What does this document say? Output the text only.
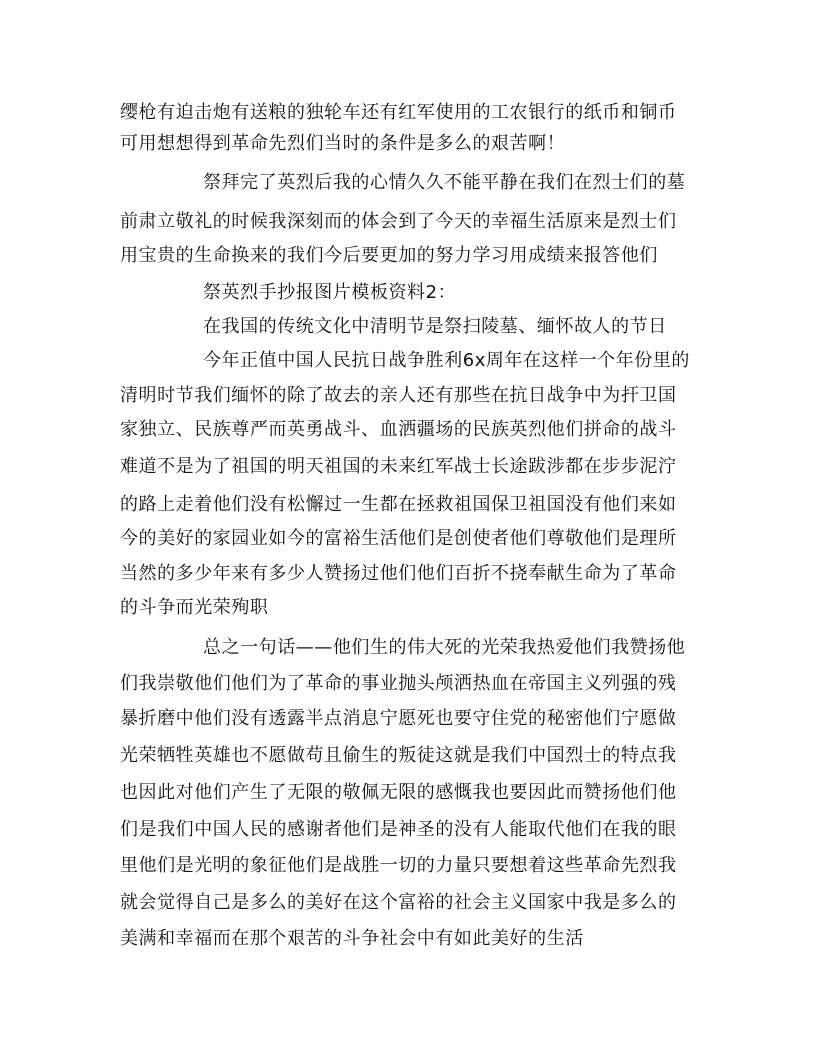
缨枪有迫击炮有送粮的独轮车还有红军使用的工农银行的纸币和铜币
可用想想得到革命先烈们当时的条件是多么的艰苦啊！
祭拜完了英烈后我的心情久久不能平静在我们在烈士们的墓
前肃立敬礼的时候我深刻而的体会到了今天的幸福生活原来是烈士们
用宝贵的生命换来的我们今后要更加的努力学习用成绩来报答他们
祭英烈手抄报图片模板资料2：
在我国的传统文化中清明节是祭扫陵墓、缅怀故人的节日
今年正值中国人民抗日战争胜利6x周年在这样一个年份里的
清明时节我们缅怀的除了故去的亲人还有那些在抗日战争中为扞卫国
家独立、民族尊严而英勇战斗、血洒疆场的民族英烈他们拼命的战斗
难道不是为了祖国的明天祖国的未来红军战士长途跋涉都在步步泥泞
的路上走着他们没有松懈过一生都在拯救祖国保卫祖国没有他们来如
今的美好的家园业如今的富裕生活他们是创使者他们尊敬他们是理所
当然的多少年来有多少人赞扬过他们他们百折不挠奉献生命为了革命
的斗争而光荣殉职
总之一句话——他们生的伟大死的光荣我热爱他们我赞扬他
们我崇敬他们他们为了革命的事业抛头颅洒热血在帝国主义列强的残
暴折磨中他们没有透露半点消息宁愿死也要守住党的秘密他们宁愿做
光荣牺牲英雄也不愿做苟且偷生的叛徒这就是我们中国烈士的特点我
也因此对他们产生了无限的敬佩无限的感慨我也要因此而赞扬他们他
们是我们中国人民的感谢者他们是神圣的没有人能取代他们在我的眼
里他们是光明的象征他们是战胜一切的力量只要想着这些革命先烈我
就会觉得自己是多么的美好在这个富裕的社会主义国家中我是多么的
美满和幸福而在那个艰苦的斗争社会中有如此美好的生活
